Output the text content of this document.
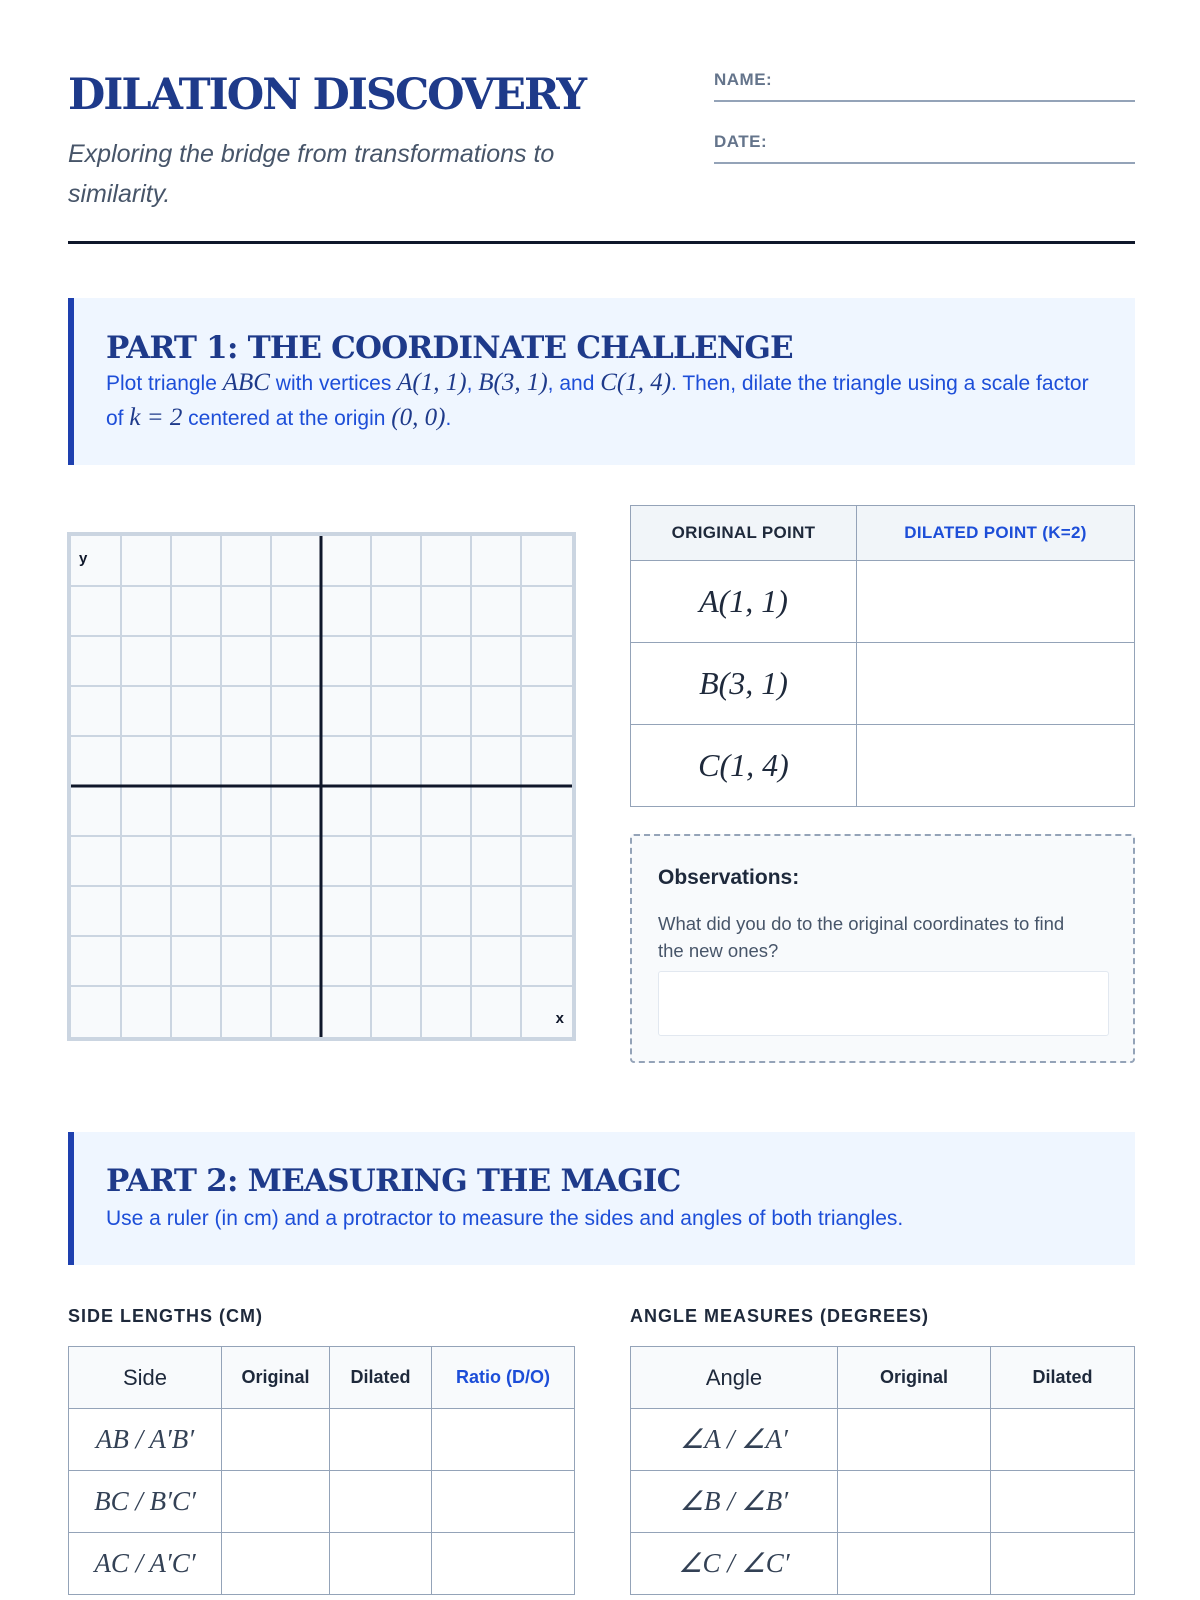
DILATION DISCOVERY
Exploring the bridge from transformations to similarity.
NAME:
DATE:
PART 1: THE COORDINATE CHALLENGE

Plot triangle ABC with vertices A(1, 1), B(3, 1), and C(1, 4). Then, dilate the triangle using a scale factor of k = 2 centered at the origin (0, 0).

y
x
ORIGINAL POINT	DILATED POINT (K=2)
A(1, 1)	
B(3, 1)	
C(1, 4)	
Observations:

What did you do to the original coordinates to find the new ones?

PART 2: MEASURING THE MAGIC

Use a ruler (in cm) and a protractor to measure the sides and angles of both triangles.

SIDE LENGTHS (CM)	ANGLE MEASURES (DEGREES)
Side	Original	Dilated	Ratio (D/O)
AB / A′B′			
BC / B′C′			
AC / A′C′			
Angle	Original	Dilated
∠A / ∠A′		
∠B / ∠B′		
∠C / ∠C′		
